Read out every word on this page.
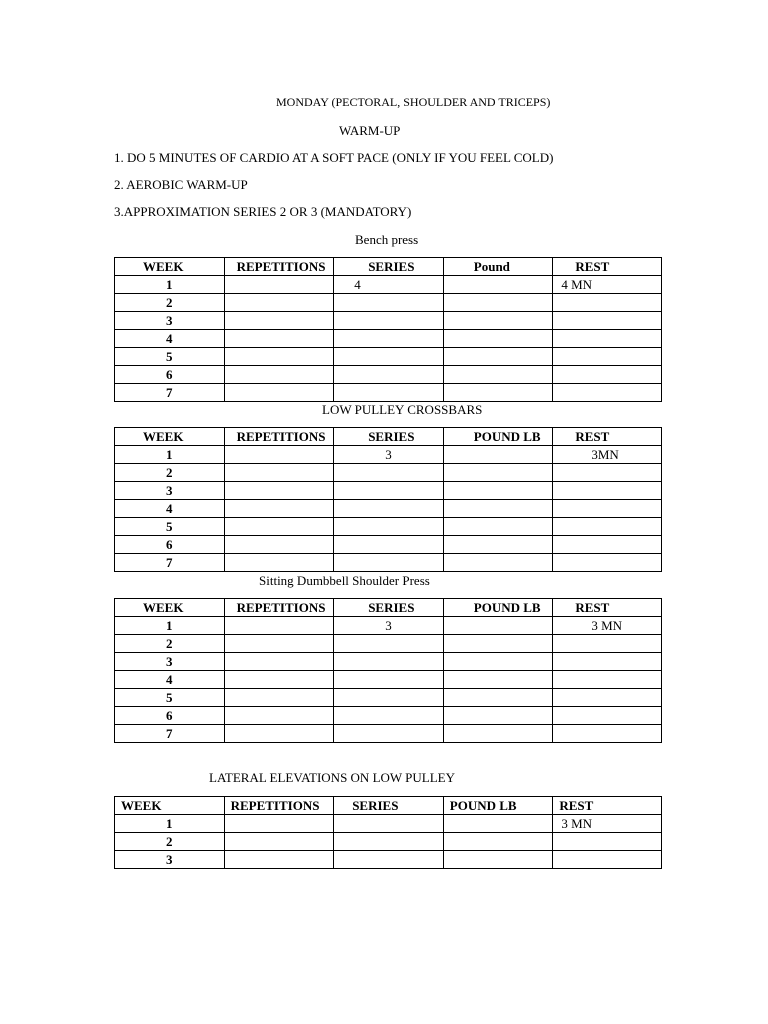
MONDAY (PECTORAL, SHOULDER AND TRICEPS)
WARM-UP
1. DO 5 MINUTES OF CARDIO AT A SOFT PACE (ONLY IF YOU FEEL COLD)
2. AEROBIC WARM-UP
3.APPROXIMATION SERIES 2 OR 3 (MANDATORY)
Bench press
WEEK	REPETITIONS	SERIES	Pound	REST
1		4		4 MN
2				
3				
4				
5				
6				
7				
LOW PULLEY CROSSBARS
WEEK	REPETITIONS	SERIES	POUND LB	REST
1		3		3MN
2				
3				
4				
5				
6				
7				
Sitting Dumbbell Shoulder Press
WEEK	REPETITIONS	SERIES	POUND LB	REST
1		3		3 MN
2				
3				
4				
5				
6				
7				
LATERAL ELEVATIONS ON LOW PULLEY
WEEK	REPETITIONS	SERIES	POUND LB	REST
1				3 MN
2				
3				
